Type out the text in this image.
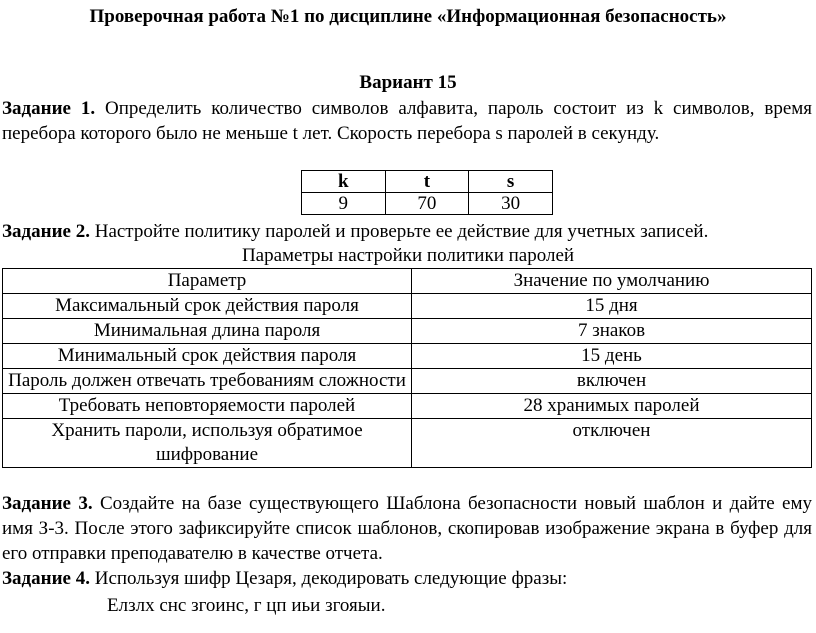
Проверочная работа №1 по дисциплине «Информационная безопасность»
Вариант 15
Задание 1. Определить количество символов алфавита, пароль состоит из k символов, время перебора которого было не меньше t лет. Скорость перебора s паролей в секунду.
k	t	s
9	70	30
Задание 2. Настройте политику паролей и проверьте ее действие для учетных записей.
Параметры настройки политики паролей
Параметр	Значение по умолчанию
Максимальный срок действия пароля	15 дня
Минимальная длина пароля	7 знаков
Минимальный срок действия пароля	15 день
Пароль должен отвечать требованиям сложности	включен
Требовать неповторяемости паролей	28 хранимых паролей
Хранить пароли, используя обратимое шифрование	отключен
Задание 3. Создайте на базе существующего Шаблона безопасности новый шаблон и дайте ему имя З-3. После этого зафиксируйте список шаблонов, скопировав изображение экрана в буфер для его отправки преподавателю в качестве отчета.
Задание 4. Используя шифр Цезаря, декодировать следующие фразы:
Елзлх снс згоинс, г цп иьи згояыи.
